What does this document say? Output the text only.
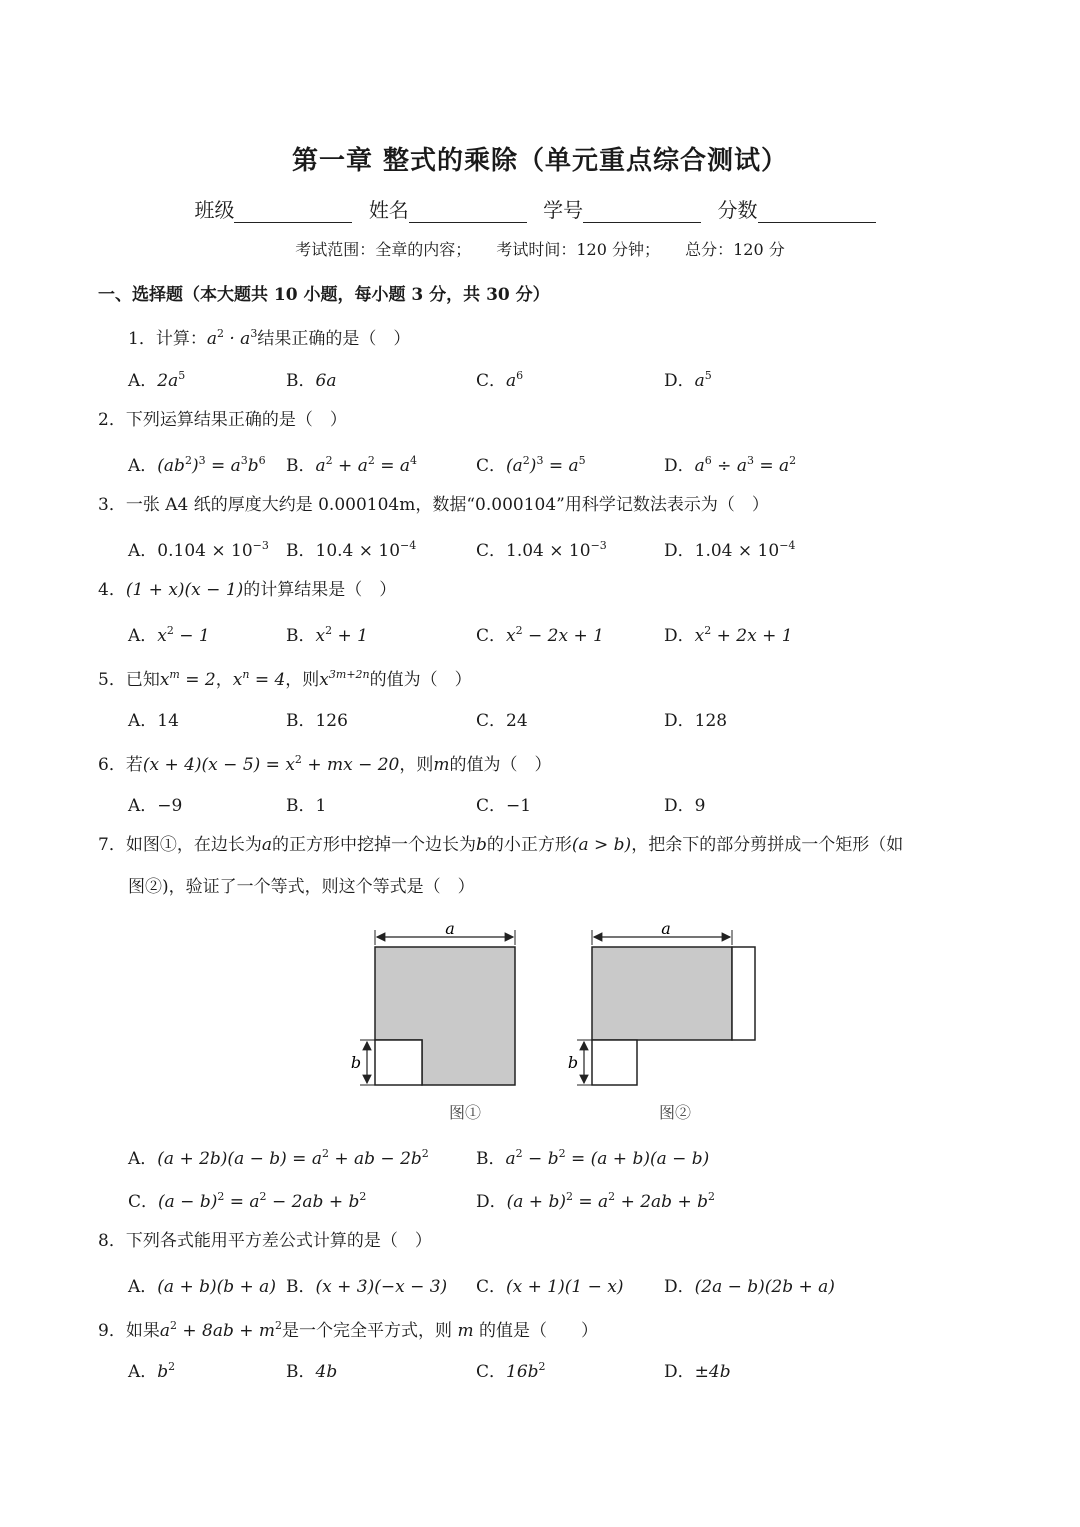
第一章 整式的乘除（单元重点综合测试）
班级	姓名	学号	分数
考试范围：全章的内容； 考试时间：120 分钟； 总分：120 分
一、选择题（本大题共 10 小题，每小题 3 分，共 30 分）
1．计算：$a^2 \cdot a^3$结果正确的是（　）
A．$2a^5$	B．6a	C．$a^6$	D．$a^5$
2．下列运算结果正确的是（　）
A．$(ab^2)^3 = a^3b^6$ B．$a^2 + a^2 = a^4$	C．$(a^2)^3 = a^5$	D．$a^6 \div a^3 = a^2$
3．一张 A4 纸的厚度大约是 0.000104m，数据“0.000104”用科学记数法表示为（　）
A．$0.104 \times 10^{-3}$ B．$10.4 \times 10^{-4}$	C．$1.04 \times 10^{-3}$	D．$1.04 \times 10^{-4}$
4．(1 + x)(x − 1)的计算结果是（　）
A．$x^2 - 1$	B．$x^2 + 1$	C．$x^2 - 2x + 1$	D．$x^2 + 2x + 1$
5．已知$x^m = 2$，$x^n = 4$，则$x^{3m+2n}$的值为（　）
A．14	B．126	C．24	D．128
6．若$(x + 4)(x - 5) = x^2$ + mx − 20，则m的值为（　）
A．−9	B．1	C．−1	D．9
7．如图①，在边长为a的正方形中挖掉一个边长为b的小正方形(a > b)，把余下的部分剪拼成一个矩形（如
图②)，验证了一个等式，则这个等式是（　）
a
b
图①
a
b
图②
A．$(a + 2b)(a - b) = a^2$ + ab − $2b^2$	B．$a^2 - b^2 = (a + b)(a - b)$
C．$(a - b)^2 = a^2 - 2ab + b^2$	D．$(a + b)^2 = a^2 + 2ab + b^2$
8．下列各式能用平方差公式计算的是（　）
A．(a + b)(b + a) B．(x + 3)(−x − 3) C．(x + 1)(1 − x) D．(2a − b)(2b + a)
9．如果$a^2 + 8ab + m^2$是一个完全平方式，则 m 的值是（　　）
A．$b^2$	B．4b	C．$16b^2$	D．±4b
